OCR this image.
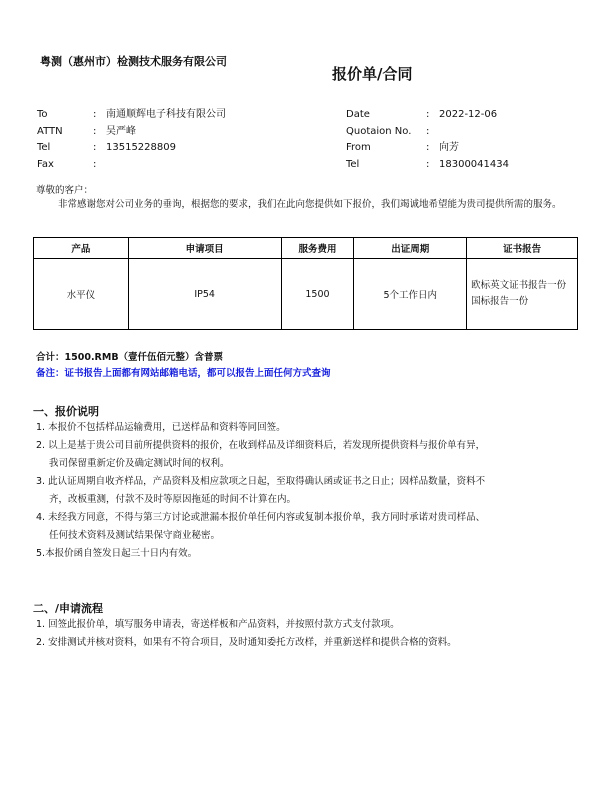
粤测（惠州市）检测技术服务有限公司
报价单/合同
To	: 南通顺辉电子科技有限公司
ATTN	: 吴严峰
Tel	: 13515228809
Fax	:
Date	: 2022-12-06
Quotaion No.	:
From	: 向芳
Tel	: 18300041434
尊敬的客户：
非常感谢您对公司业务的垂询，根据您的要求，我们在此向您提供如下报价，我们竭诚地希望能为贵司提供所需的服务。
产品	申请项目	服务费用	出证周期	证书报告
水平仪	IP54	1500	5个工作日内	欧标英文证书报告一份
国标报告一份
合计：1500.RMB（壹仟伍佰元整）含普票
备注：证书报告上面都有网站邮箱电话，都可以报告上面任何方式查询
一、报价说明
1. 本报价不包括样品运输费用，已送样品和资料等同回签。
2. 以上是基于贵公司目前所提供资料的报价，在收到样品及详细资料后，若发现所提供资料与报价单有异，
我司保留重新定价及确定测试时间的权利。
3. 此认证周期自收齐样品，产品资料及相应款项之日起，至取得确认函或证书之日止；因样品数量，资料不
齐，改板重测，付款不及时等原因拖延的时间不计算在内。
4. 未经我方同意，不得与第三方讨论或泄漏本报价单任何内容或复制本报价单，我方同时承诺对贵司样品、
任何技术资料及测试结果保守商业秘密。
5.本报价函自签发日起三十日内有效。
二、/申请流程
1. 回签此报价单，填写服务申请表，寄送样板和产品资料，并按照付款方式支付款项。
2. 安排测试并核对资料，如果有不符合项目，及时通知委托方改样，并重新送样和提供合格的资料。
